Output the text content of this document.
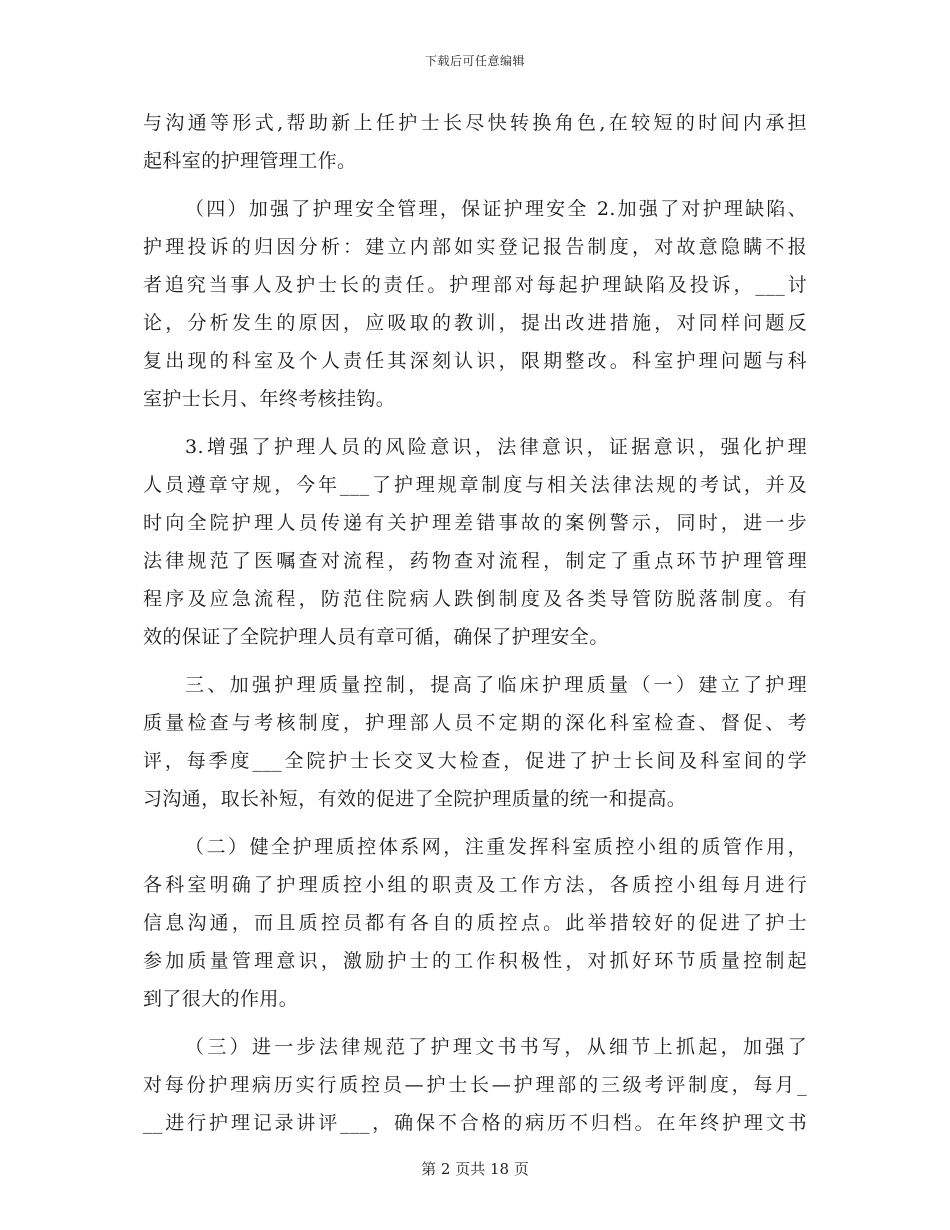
下载后可任意编辑
与沟通等形式,帮助新上任护士长尽快转换角色,在较短的时间内承担
起科室的护理管理工作。
（四）加强了护理安全管理，保证护理安全 2.加强了对护理缺陷、
护理投诉的归因分析：建立内部如实登记报告制度，对故意隐瞒不报
者追究当事人及护士长的责任。护理部对每起护理缺陷及投诉，___讨
论，分析发生的原因，应吸取的教训，提出改进措施，对同样问题反
复出现的科室及个人责任其深刻认识，限期整改。科室护理问题与科
室护士长月、年终考核挂钩。
3.增强了护理人员的风险意识，法律意识，证据意识，强化护理
人员遵章守规，今年___了护理规章制度与相关法律法规的考试，并及
时向全院护理人员传递有关护理差错事故的案例警示，同时，进一步
法律规范了医嘱查对流程，药物查对流程，制定了重点环节护理管理
程序及应急流程，防范住院病人跌倒制度及各类导管防脱落制度。有
效的保证了全院护理人员有章可循，确保了护理安全。
三、加强护理质量控制，提高了临床护理质量（一）建立了护理
质量检查与考核制度，护理部人员不定期的深化科室检查、督促、考
评，每季度___全院护士长交叉大检查，促进了护士长间及科室间的学
习沟通，取长补短，有效的促进了全院护理质量的统一和提高。
（二）健全护理质控体系网，注重发挥科室质控小组的质管作用，
各科室明确了护理质控小组的职责及工作方法，各质控小组每月进行
信息沟通，而且质控员都有各自的质控点。此举措较好的促进了护士
参加质量管理意识，激励护士的工作积极性，对抓好环节质量控制起
到了很大的作用。
（三）进一步法律规范了护理文书书写，从细节上抓起，加强了
对每份护理病历实行质控员—护士长—护理部的三级考评制度，每月_
__进行护理记录讲评___，确保不合格的病历不归档。在年终护理文书
第 2 页共 18 页
